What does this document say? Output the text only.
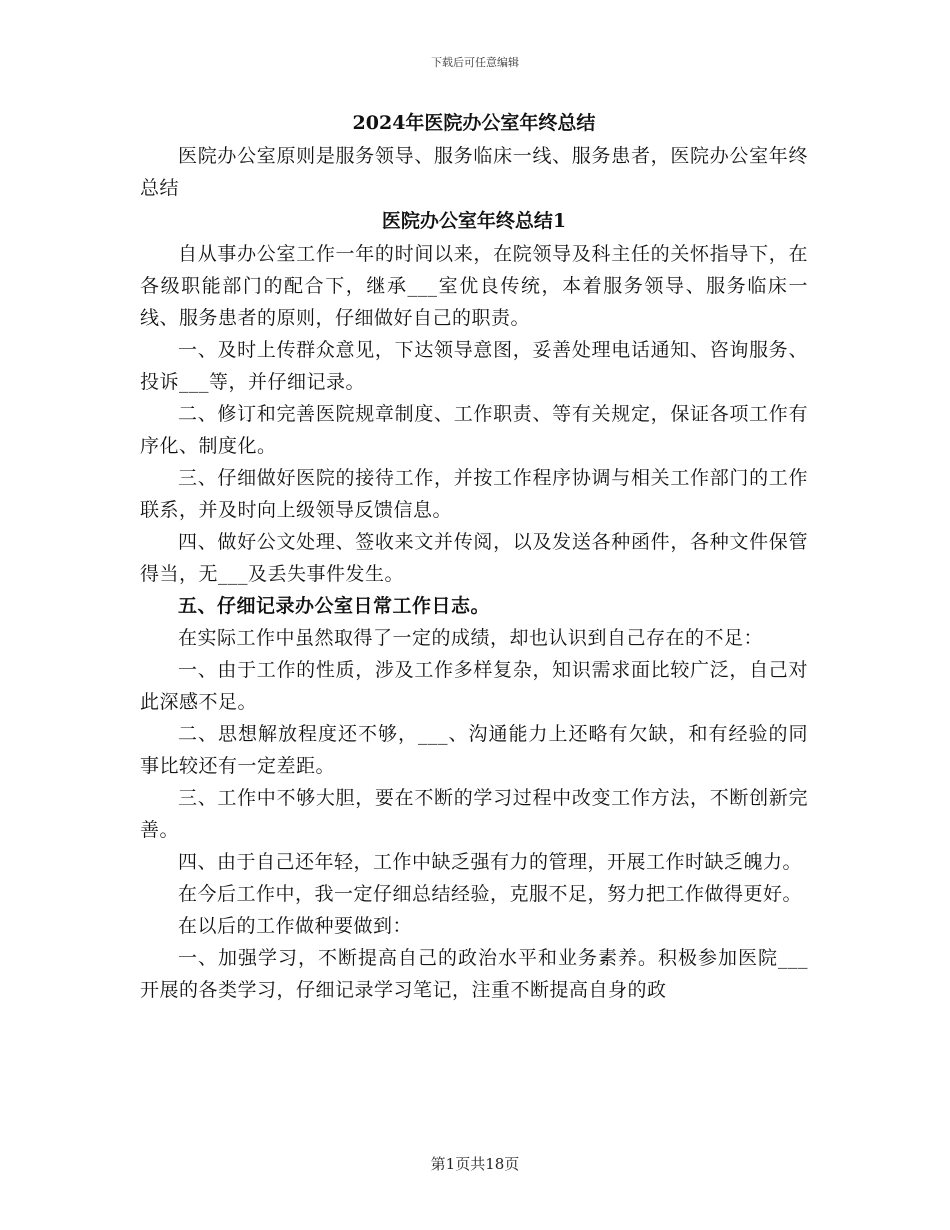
下载后可任意编辑

2024年医院办公室年终总结

医院办公室原则是服务领导、服务临床一线、服务患者，医院办公室年终总结

医院办公室年终总结1

自从事办公室工作一年的时间以来，在院领导及科主任的关怀指导下，在各级职能部门的配合下，继承___室优良传统，本着服务领导、服务临床一线、服务患者的原则，仔细做好自己的职责。

一、及时上传群众意见，下达领导意图，妥善处理电话通知、咨询服务、投诉___等，并仔细记录。

二、修订和完善医院规章制度、工作职责、等有关规定，保证各项工作有序化、制度化。

三、仔细做好医院的接待工作，并按工作程序协调与相关工作部门的工作联系，并及时向上级领导反馈信息。

四、做好公文处理、签收来文并传阅，以及发送各种函件，各种文件保管得当，无___及丢失事件发生。

五、仔细记录办公室日常工作日志。

在实际工作中虽然取得了一定的成绩，却也认识到自己存在的不足：

一、由于工作的性质，涉及工作多样复杂，知识需求面比较广泛，自己对此深感不足。

二、思想解放程度还不够，___、沟通能力上还略有欠缺，和有经验的同事比较还有一定差距。

三、工作中不够大胆，要在不断的学习过程中改变工作方法，不断创新完善。

四、由于自己还年轻，工作中缺乏强有力的管理，开展工作时缺乏魄力。

在今后工作中，我一定仔细总结经验，克服不足，努力把工作做得更好。

在以后的工作做种要做到：

一、加强学习，不断提高自己的政治水平和业务素养。积极参加医院___开展的各类学习，仔细记录学习笔记，注重不断提高自身的政

第1页共18页
